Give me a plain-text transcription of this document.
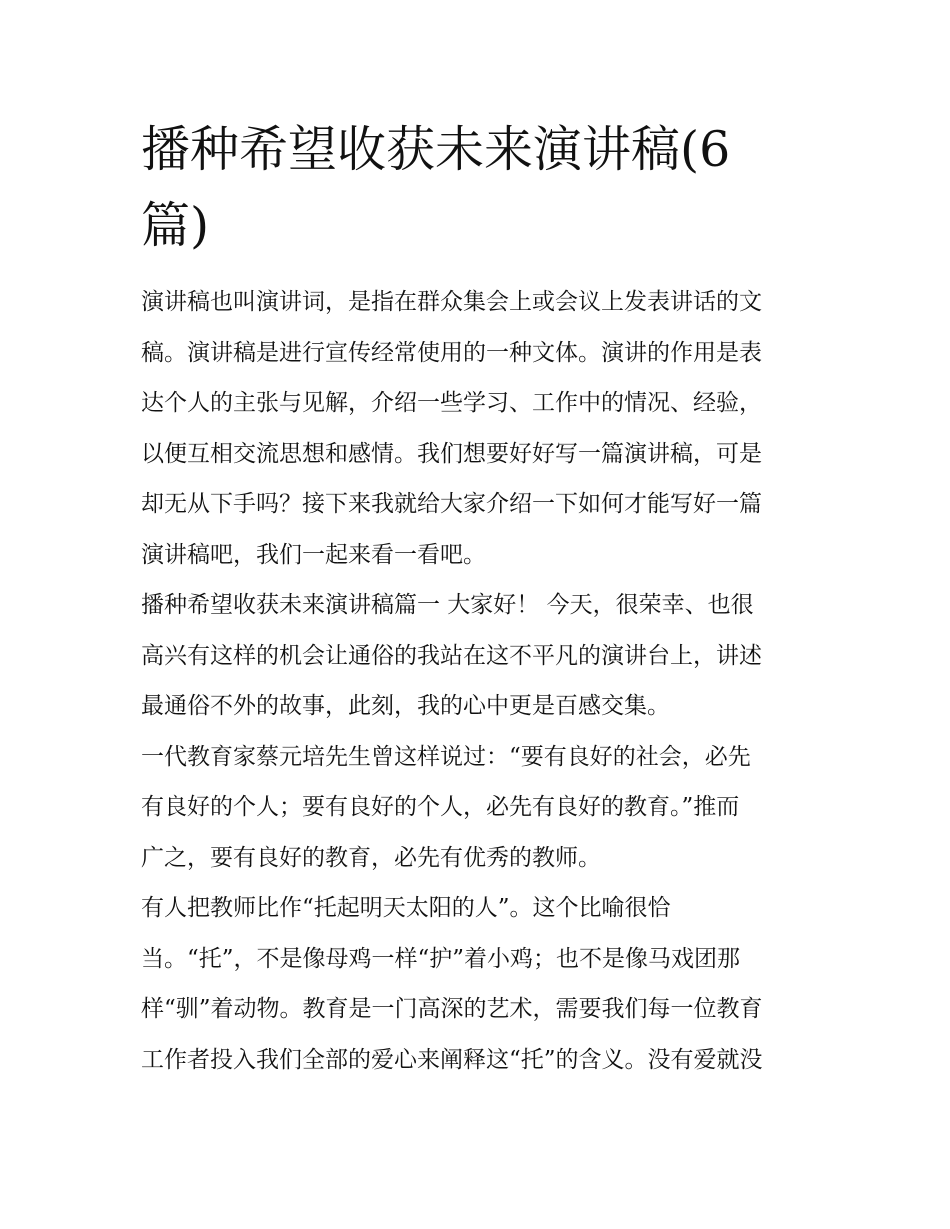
播种希望收获未来演讲稿(6
篇)
演讲稿也叫演讲词，是指在群众集会上或会议上发表讲话的文
稿。演讲稿是进行宣传经常使用的一种文体。演讲的作用是表
达个人的主张与见解，介绍一些学习、工作中的情况、经验，
以便互相交流思想和感情。我们想要好好写一篇演讲稿，可是
却无从下手吗？接下来我就给大家介绍一下如何才能写好一篇
演讲稿吧，我们一起来看一看吧。
播种希望收获未来演讲稿篇一 大家好！ 今天，很荣幸、也很
高兴有这样的机会让通俗的我站在这不平凡的演讲台上，讲述
最通俗不外的故事，此刻，我的心中更是百感交集。
一代教育家蔡元培先生曾这样说过：“要有良好的社会，必先
有良好的个人；要有良好的个人，必先有良好的教育。”推而
广之，要有良好的教育，必先有优秀的教师。
有人把教师比作“托起明天太阳的人”。这个比喻很恰
当。“托”，不是像母鸡一样“护”着小鸡；也不是像马戏团那
样“驯”着动物。教育是一门高深的艺术，需要我们每一位教育
工作者投入我们全部的爱心来阐释这“托”的含义。没有爱就没
